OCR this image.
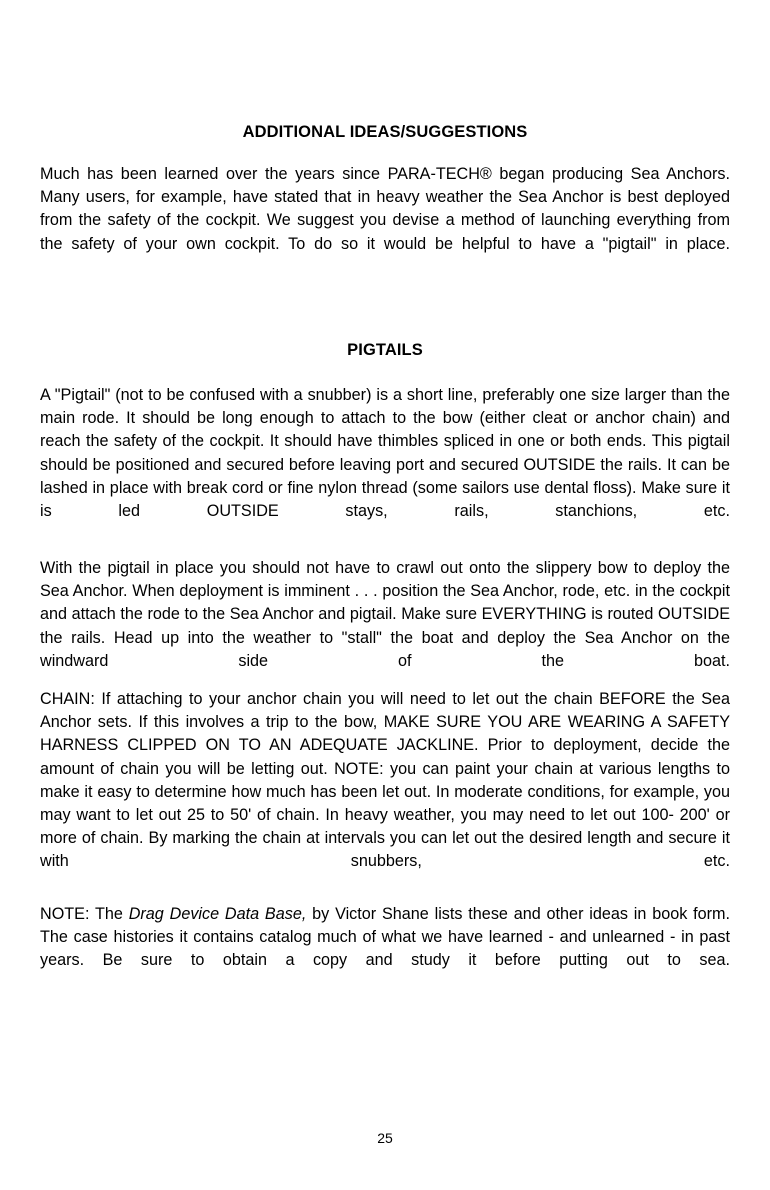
ADDITIONAL IDEAS/SUGGESTIONS

Much has been learned over the years since PARA-TECH® began producing Sea Anchors. Many users, for example, have stated that in heavy weather the Sea Anchor is best deployed from the safety of the cockpit. We suggest you devise a method of launching everything from the safety of your own cockpit. To do so it would be helpful to have a "pigtail" in place.

PIGTAILS

A "Pigtail" (not to be confused with a snubber) is a short line, preferably one size larger than the main rode. It should be long enough to attach to the bow (either cleat or anchor chain) and reach the safety of the cockpit. It should have thimbles spliced in one or both ends. This pigtail should be positioned and secured before leaving port and secured OUTSIDE the rails. It can be lashed in place with break cord or fine nylon thread (some sailors use dental floss). Make sure it is led OUTSIDE stays, rails, stanchions, etc.

With the pigtail in place you should not have to crawl out onto the slippery bow to deploy the Sea Anchor. When deployment is imminent . . . position the Sea Anchor, rode, etc. in the cockpit and attach the rode to the Sea Anchor and pigtail. Make sure EVERYTHING is routed OUTSIDE the rails. Head up into the weather to "stall" the boat and deploy the Sea Anchor on the windward side of the boat.

CHAIN: If attaching to your anchor chain you will need to let out the chain BEFORE the Sea Anchor sets. If this involves a trip to the bow, MAKE SURE YOU ARE WEARING A SAFETY HARNESS CLIPPED ON TO AN ADEQUATE JACKLINE. Prior to deployment, decide the amount of chain you will be letting out. NOTE: you can paint your chain at various lengths to make it easy to determine how much has been let out. In moderate conditions, for example, you may want to let out 25 to 50' of chain. In heavy weather, you may need to let out 100- 200' or more of chain. By marking the chain at intervals you can let out the desired length and secure it with snubbers, etc.

NOTE: The Drag Device Data Base, by Victor Shane lists these and other ideas in book form. The case histories it contains catalog much of what we have learned - and unlearned - in past years. Be sure to obtain a copy and study it before putting out to sea.

25
